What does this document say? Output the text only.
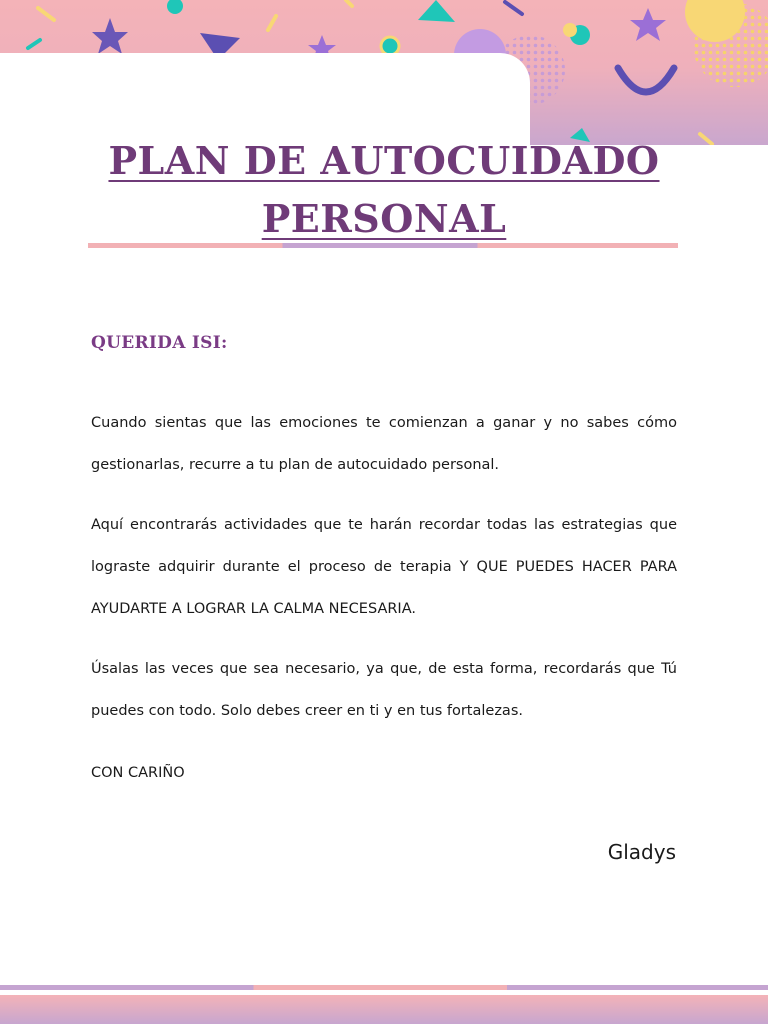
PLAN DE AUTOCUIDADO
PERSONAL
QUERIDA ISI:

Cuando sientas que las emociones te comienzan a ganar y no sabes cómo gestionarlas, recurre a tu plan de autocuidado personal.

Aquí encontrarás actividades que te harán recordar todas las estrategias que lograste adquirir durante el proceso de terapia Y QUE PUEDES HACER PARA AYUDARTE A LOGRAR LA CALMA NECESARIA.

Úsalas las veces que sea necesario, ya que, de esta forma, recordarás que Tú puedes con todo. Solo debes creer en ti y en tus fortalezas.

CON CARIÑO

Gladys
